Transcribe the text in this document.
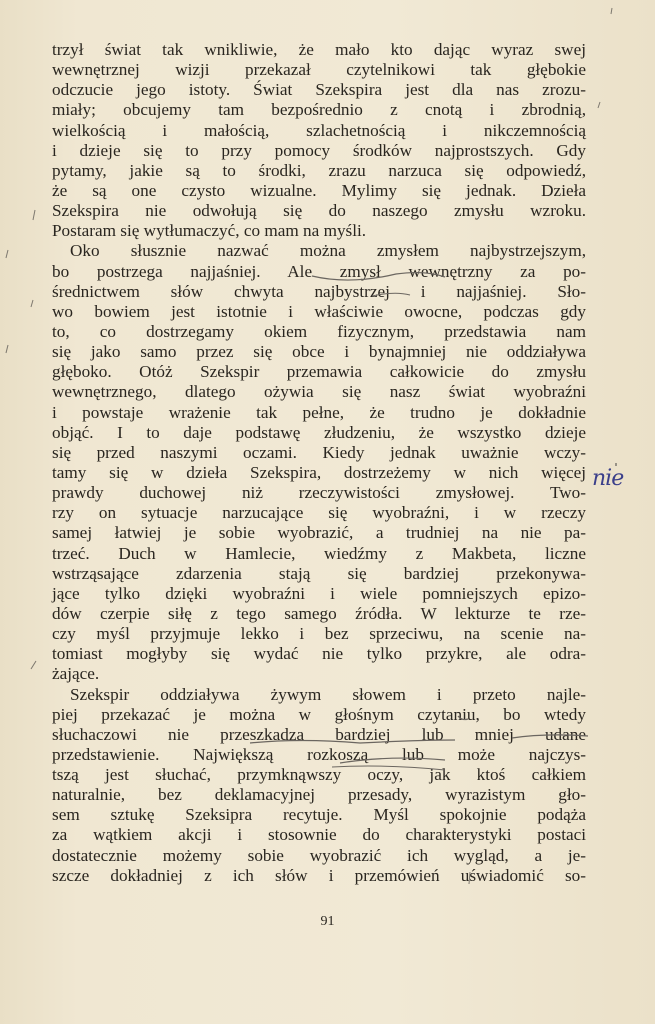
trzył świat tak wnikliwie, że mało kto dając wyraz swej
wewnętrznej wizji przekazał czytelnikowi tak głębokie
odczucie jego istoty. Świat Szekspira jest dla nas zrozu-
miały; obcujemy tam bezpośrednio z cnotą i zbrodnią,
wielkością i małością, szlachetnością i nikczemnością
i dzieje się to przy pomocy środków najprostszych. Gdy
pytamy, jakie są to środki, zrazu narzuca się odpowiedź,
że są one czysto wizualne. Mylimy się jednak. Dzieła
Szekspira nie odwołują się do naszego zmysłu wzroku.
Postaram się wytłumaczyć, co mam na myśli.
Oko słusznie nazwać można zmysłem najbystrzejszym,
bo postrzega najjaśniej. Ale zmysł wewnętrzny za po-
średnictwem słów chwyta najbystrzej i najjaśniej. Sło-
wo bowiem jest istotnie i właściwie owocne, podczas gdy
to, co dostrzegamy okiem fizycznym, przedstawia nam
się jako samo przez się obce i bynajmniej nie oddziaływa
głęboko. Otóż Szekspir przemawia całkowicie do zmysłu
wewnętrznego, dlatego ożywia się nasz świat wyobraźni
i powstaje wrażenie tak pełne, że trudno je dokładnie
objąć. I to daje podstawę złudzeniu, że wszystko dzieje
się przed naszymi oczami. Kiedy jednak uważnie wczy-
tamy się w dzieła Szekspira, dostrzeżemy w nich więcej
prawdy duchowej niż rzeczywistości zmysłowej. Two-
rzy on sytuacje narzucające się wyobraźni, i w rzeczy
samej łatwiej je sobie wyobrazić, a trudniej na nie pa-
trzeć. Duch w Hamlecie, wiedźmy z Makbeta, liczne
wstrząsające zdarzenia stają się bardziej przekonywa-
jące tylko dzięki wyobraźni i wiele pomniejszych epizo-
dów czerpie siłę z tego samego źródła. W lekturze te rze-
czy myśl przyjmuje lekko i bez sprzeciwu, na scenie na-
tomiast mogłyby się wydać nie tylko przykre, ale odra-
żające.
Szekspir oddziaływa żywym słowem i przeto najle-
piej przekazać je można w głośnym czytaniu, bo wtedy
słuchaczowi nie przeszkadza bardziej lub mniej udane
przedstawienie. Największą rozkoszą lub może najczys-
tszą jest słuchać, przymknąwszy oczy, jak ktoś całkiem
naturalnie, bez deklamacyjnej przesady, wyrazistym gło-
sem sztukę Szeksipra recytuje. Myśl spokojnie podąża
za wątkiem akcji i stosownie do charakterystyki postaci
dostatecznie możemy sobie wyobrazić ich wygląd, a je-
szcze dokładniej z ich słów i przemówień uświadomić so-
nie
91
